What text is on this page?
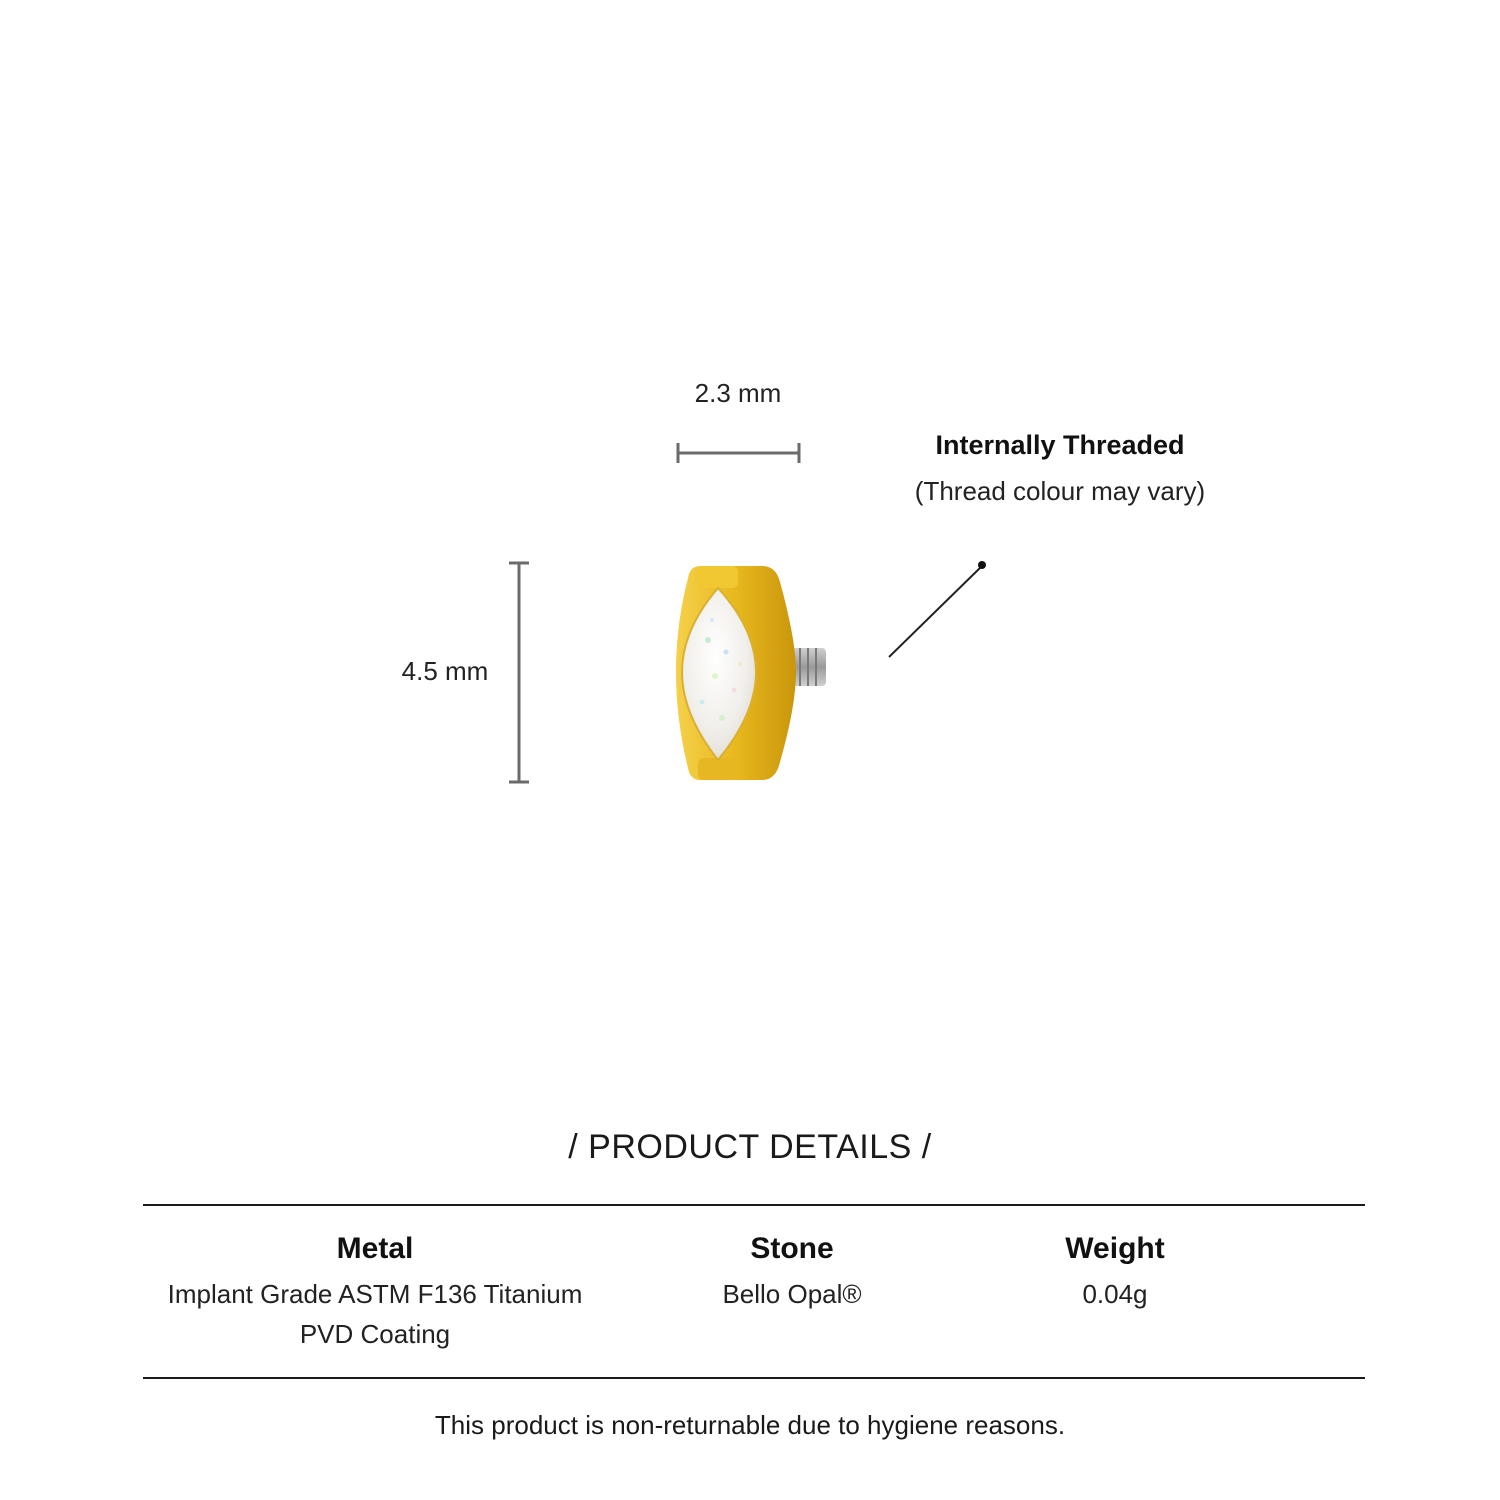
2.3 mm
4.5 mm
Internally Threaded
(Thread colour may vary)
/ PRODUCT DETAILS /
Metal
Implant Grade ASTM F136 Titanium
PVD Coating
Stone
Bello Opal®
Weight
0.04g
This product is non-returnable due to hygiene reasons.
